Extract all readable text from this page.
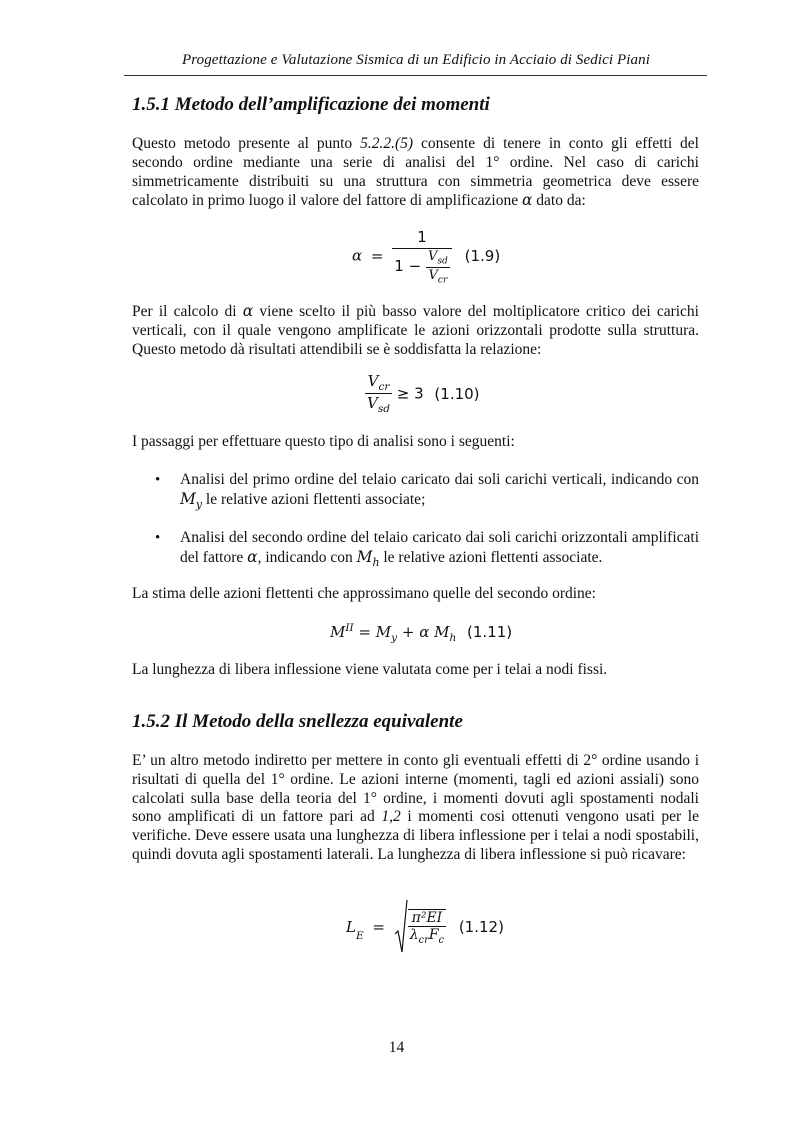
Progettazione e Valutazione Sismica di un Edificio in Acciaio di Sedici Piani
1.5.1 Metodo dell’amplificazione dei momenti

Questo metodo presente al punto 5.2.2.(5) consente di tenere in conto gli effetti del secondo ordine mediante una serie di analisi del 1° ordine. Nel caso di carichi simmetricamente distribuiti su una struttura con simmetria geometrica deve essere calcolato in primo luogo il valore del fattore di amplificazione α dato da:

$\alpha = \frac{1}{1 - \frac{V_{sd}}{V_{cr}}} (1.9)$

Per il calcolo di α viene scelto il più basso valore del moltiplicatore critico dei carichi verticali, con il quale vengono amplificate le azioni orizzontali prodotte sulla struttura. Questo metodo dà risultati attendibili se è soddisfatta la relazione:

$\frac{V_{cr}}{V_{sd}} \ge 3$ (1.10)

I passaggi per effettuare questo tipo di analisi sono i seguenti:

• Analisi del primo ordine del telaio caricato dai soli carichi verticali, indicando con $M_y$ le relative azioni flettenti associate;

• Analisi del secondo ordine del telaio caricato dai soli carichi orizzontali amplificati del fattore α, indicando con $M_h$ le relative azioni flettenti associate.

La stima delle azioni flettenti che approssimano quelle del secondo ordine:

$M^{II} = M_y + \alpha$ $M_h$ (1.11)

La lunghezza di libera inflessione viene valutata come per i telai a nodi fissi.

1.5.2 Il Metodo della snellezza equivalente

E’ un altro metodo indiretto per mettere in conto gli eventuali effetti di 2° ordine usando i risultati di quella del 1° ordine. Le azioni interne (momenti, tagli ed azioni assiali) sono calcolati sulla base della teoria del 1° ordine, i momenti dovuti agli spostamenti nodali sono amplificati di un fattore pari ad 1,2 i momenti cosi ottenuti vengono usati per le verifiche. Deve essere usata una lunghezza di libera inflessione per i telai a nodi spostabili, quindi dovuta agli spostamenti laterali. La lunghezza di libera inflessione si può ricavare:

$L_E = \frac{\text{π²EI}}{\lambda_{cr}F_c} (1.12)$
14
